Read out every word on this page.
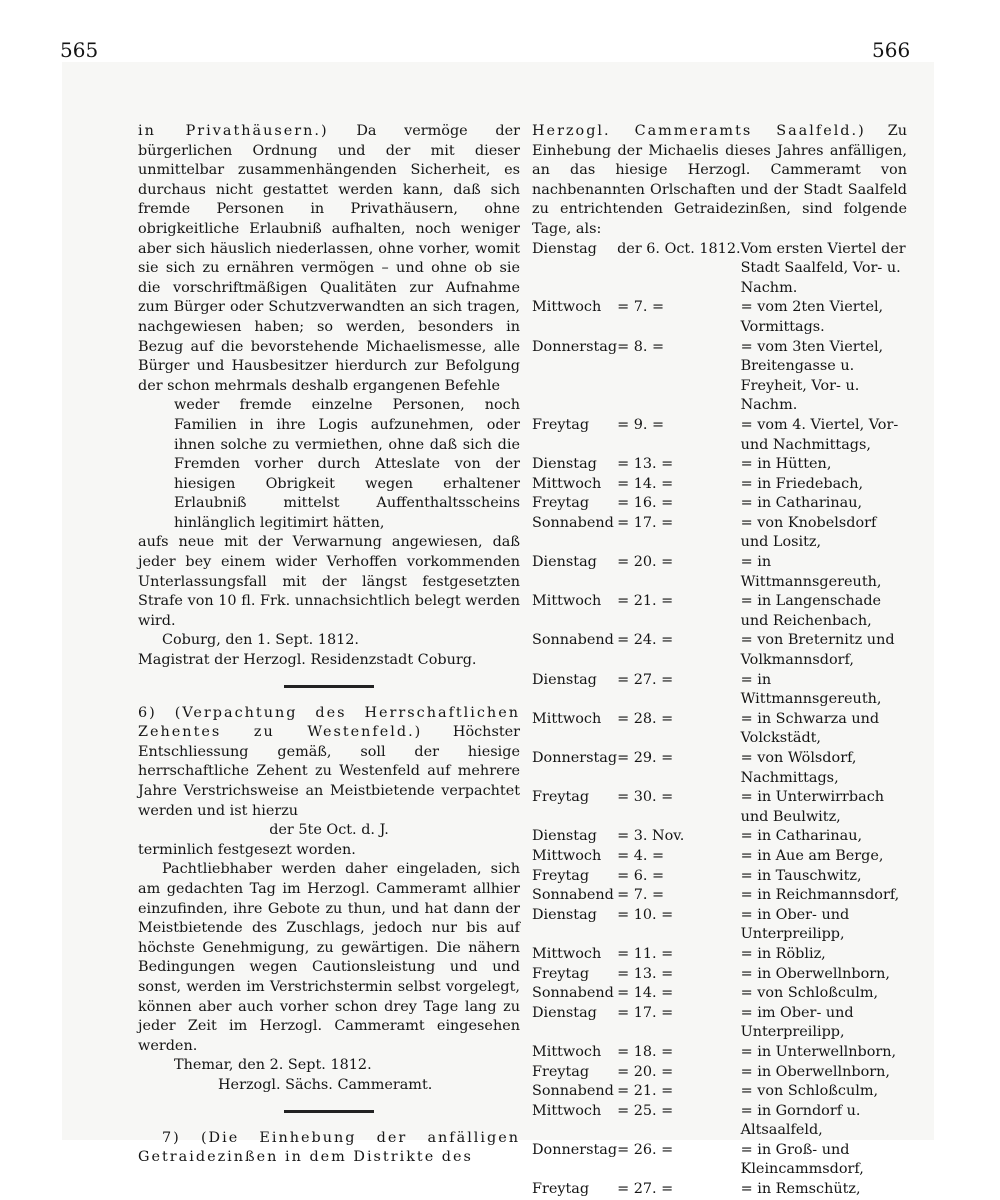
565	566

in Privathäusern.) Da vermöge der bürgerlichen Ordnung und der mit dieser unmittelbar zusammenhängenden Sicherheit, es durchaus nicht gestattet werden kann, daß sich fremde Personen in Privathäusern, ohne obrigkeitliche Erlaubniß aufhalten, noch weniger aber sich häuslich niederlassen, ohne vorher, womit sie sich zu ernähren vermögen – und ohne ob sie die vorschriftmäßigen Qualitäten zur Aufnahme zum Bürger oder Schutzverwandten an sich tragen, nachgewiesen haben; so werden, besonders in Bezug auf die bevorstehende Michaelismesse, alle Bürger und Hausbesitzer hierdurch zur Befolgung der schon mehrmals deshalb ergangenen Befehle

weder fremde einzelne Personen, noch Familien in ihre Logis aufzunehmen, oder ihnen solche zu vermiethen, ohne daß sich die Fremden vorher durch Atteslate von der hiesigen Obrigkeit wegen erhaltener Erlaubniß mittelst Auffenthaltsscheins hinlänglich legitimirt hätten,

aufs neue mit der Verwarnung angewiesen, daß jeder bey einem wider Verhoffen vorkommenden Unterlassungsfall mit der längst festgesetzten Strafe von 10 fl. Frk. unnachsichtlich belegt werden wird.

Coburg, den 1. Sept. 1812.

Magistrat der Herzogl. Residenzstadt Coburg.

6) (Verpachtung des Herrschaftlichen Zehentes zu Westenfeld.) Höchster Entschliessung gemäß, soll der hiesige herrschaftliche Zehent zu Westenfeld auf mehrere Jahre Verstrichsweise an Meistbietende verpachtet werden und ist hierzu

der 5te Oct. d. J.

terminlich festgesezt worden.

Pachtliebhaber werden daher eingeladen, sich am gedachten Tag im Herzogl. Cammeramt allhier einzufinden, ihre Gebote zu thun, und hat dann der Meistbietende des Zuschlags, jedoch nur bis auf höchste Genehmigung, zu gewärtigen. Die nähern Bedingungen wegen Cautionsleistung und und sonst, werden im Verstrichstermin selbst vorgelegt, können aber auch vorher schon drey Tage lang zu jeder Zeit im Herzogl. Cammeramt eingesehen werden.

Themar, den 2. Sept. 1812.

Herzogl. Sächs. Cammeramt.

7) (Die Einhebung der anfälligen Getraidezinßen in dem Distrikte des

Herzogl. Cammeramts Saalfeld.) Zu Einhebung der Michaelis dieses Jahres anfälligen, an das hiesige Herzogl. Cammeramt von nachbenannten Orlschaften und der Stadt Saalfeld zu entrichtenden Getraidezinßen, sind folgende Tage, als:

Dienstag	der 6. Oct. 1812.	Vom ersten Viertel der Stadt Saalfeld, Vor- u. Nachm.
Mittwoch	= 7. =	= vom 2ten Viertel, Vormittags.
Donnerstag	= 8. =	= vom 3ten Viertel, Breitengasse u. Freyheit, Vor- u. Nachm.
Freytag	= 9. =	= vom 4. Viertel, Vor- und Nachmittags,
Dienstag	= 13. =	= in Hütten,
Mittwoch	= 14. =	= in Friedebach,
Freytag	= 16. =	= in Catharinau,
Sonnabend	= 17. =	= von Knobelsdorf und Lositz,
Dienstag	= 20. =	= in Wittmannsgereuth,
Mittwoch	= 21. =	= in Langenschade und Reichenbach,
Sonnabend	= 24. =	= von Breternitz und Volkmannsdorf,
Dienstag	= 27. =	= in Wittmannsgereuth,
Mittwoch	= 28. =	= in Schwarza und Volckstädt,
Donnerstag	= 29. =	= von Wölsdorf, Nachmittags,
Freytag	= 30. =	= in Unterwirrbach und Beulwitz,
Dienstag	= 3. Nov.	= in Catharinau,
Mittwoch	= 4. =	= in Aue am Berge,
Freytag	= 6. =	= in Tauschwitz,
Sonnabend	= 7. =	= in Reichmannsdorf,
Dienstag	= 10. =	= in Ober- und Unterpreilipp,
Mittwoch	= 11. =	= in Röbliz,
Freytag	= 13. =	= in Oberwellnborn,
Sonnabend	= 14. =	= von Schloßculm,
Dienstag	= 17. =	= im Ober- und Unterpreilipp,
Mittwoch	= 18. =	= in Unterwellnborn,
Freytag	= 20. =	= in Oberwellnborn,
Sonnabend	= 21. =	= von Schloßculm,
Mittwoch	= 25. =	= in Gorndorf u. Altsaalfeld,
Donnerstag	= 26. =	= in Groß- und Kleincammsdorf,
Freytag	= 27. =	= in Remschütz,
